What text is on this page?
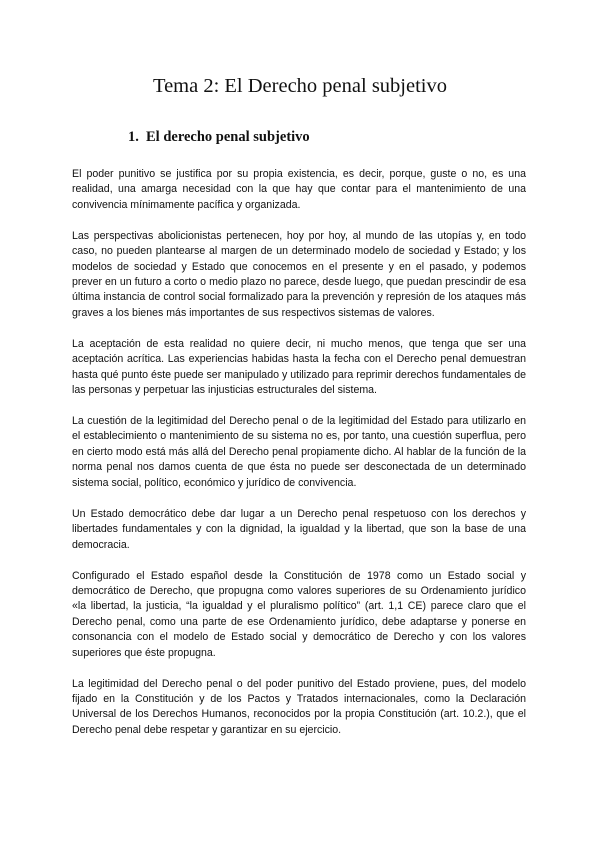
Tema 2: El Derecho penal subjetivo
1. El derecho penal subjetivo

El poder punitivo se justifica por su propia existencia, es decir, porque, guste o no, es una realidad, una amarga necesidad con la que hay que contar para el mantenimiento de una convivencia mínimamente pacífica y organizada.

Las perspectivas abolicionistas pertenecen, hoy por hoy, al mundo de las utopías y, en todo caso, no pueden plantearse al margen de un determinado modelo de sociedad y Estado; y los modelos de sociedad y Estado que conocemos en el presente y en el pasado, y podemos prever en un futuro a corto o medio plazo no parece, desde luego, que puedan prescindir de esa última instancia de control social formalizado para la prevención y represión de los ataques más graves a los bienes más importantes de sus respectivos sistemas de valores.

La aceptación de esta realidad no quiere decir, ni mucho menos, que tenga que ser una aceptación acrítica. Las experiencias habidas hasta la fecha con el Derecho penal demuestran hasta qué punto éste puede ser manipulado y utilizado para reprimir derechos fundamentales de las personas y perpetuar las injusticias estructurales del sistema.

La cuestión de la legitimidad del Derecho penal o de la legitimidad del Estado para utilizarlo en el establecimiento o mantenimiento de su sistema no es, por tanto, una cuestión superflua, pero en cierto modo está más allá del Derecho penal propiamente dicho. Al hablar de la función de la norma penal nos damos cuenta de que ésta no puede ser desconectada de un determinado sistema social, político, económico y jurídico de convivencia.

Un Estado democrático debe dar lugar a un Derecho penal respetuoso con los derechos y libertades fundamentales y con la dignidad, la igualdad y la libertad, que son la base de una democracia.

Configurado el Estado español desde la Constitución de 1978 como un Estado social y democrático de Derecho, que propugna como valores superiores de su Ordenamiento jurídico «la libertad, la justicia, “la igualdad y el pluralismo político” (art. 1,1 CE) parece claro que el Derecho penal, como una parte de ese Ordenamiento jurídico, debe adaptarse y ponerse en consonancia con el modelo de Estado social y democrático de Derecho y con los valores superiores que éste propugna.

La legitimidad del Derecho penal o del poder punitivo del Estado proviene, pues, del modelo fijado en la Constitución y de los Pactos y Tratados internacionales, como la Declaración Universal de los Derechos Humanos, reconocidos por la propia Constitución (art. 10.2.), que el Derecho penal debe respetar y garantizar en su ejercicio.
